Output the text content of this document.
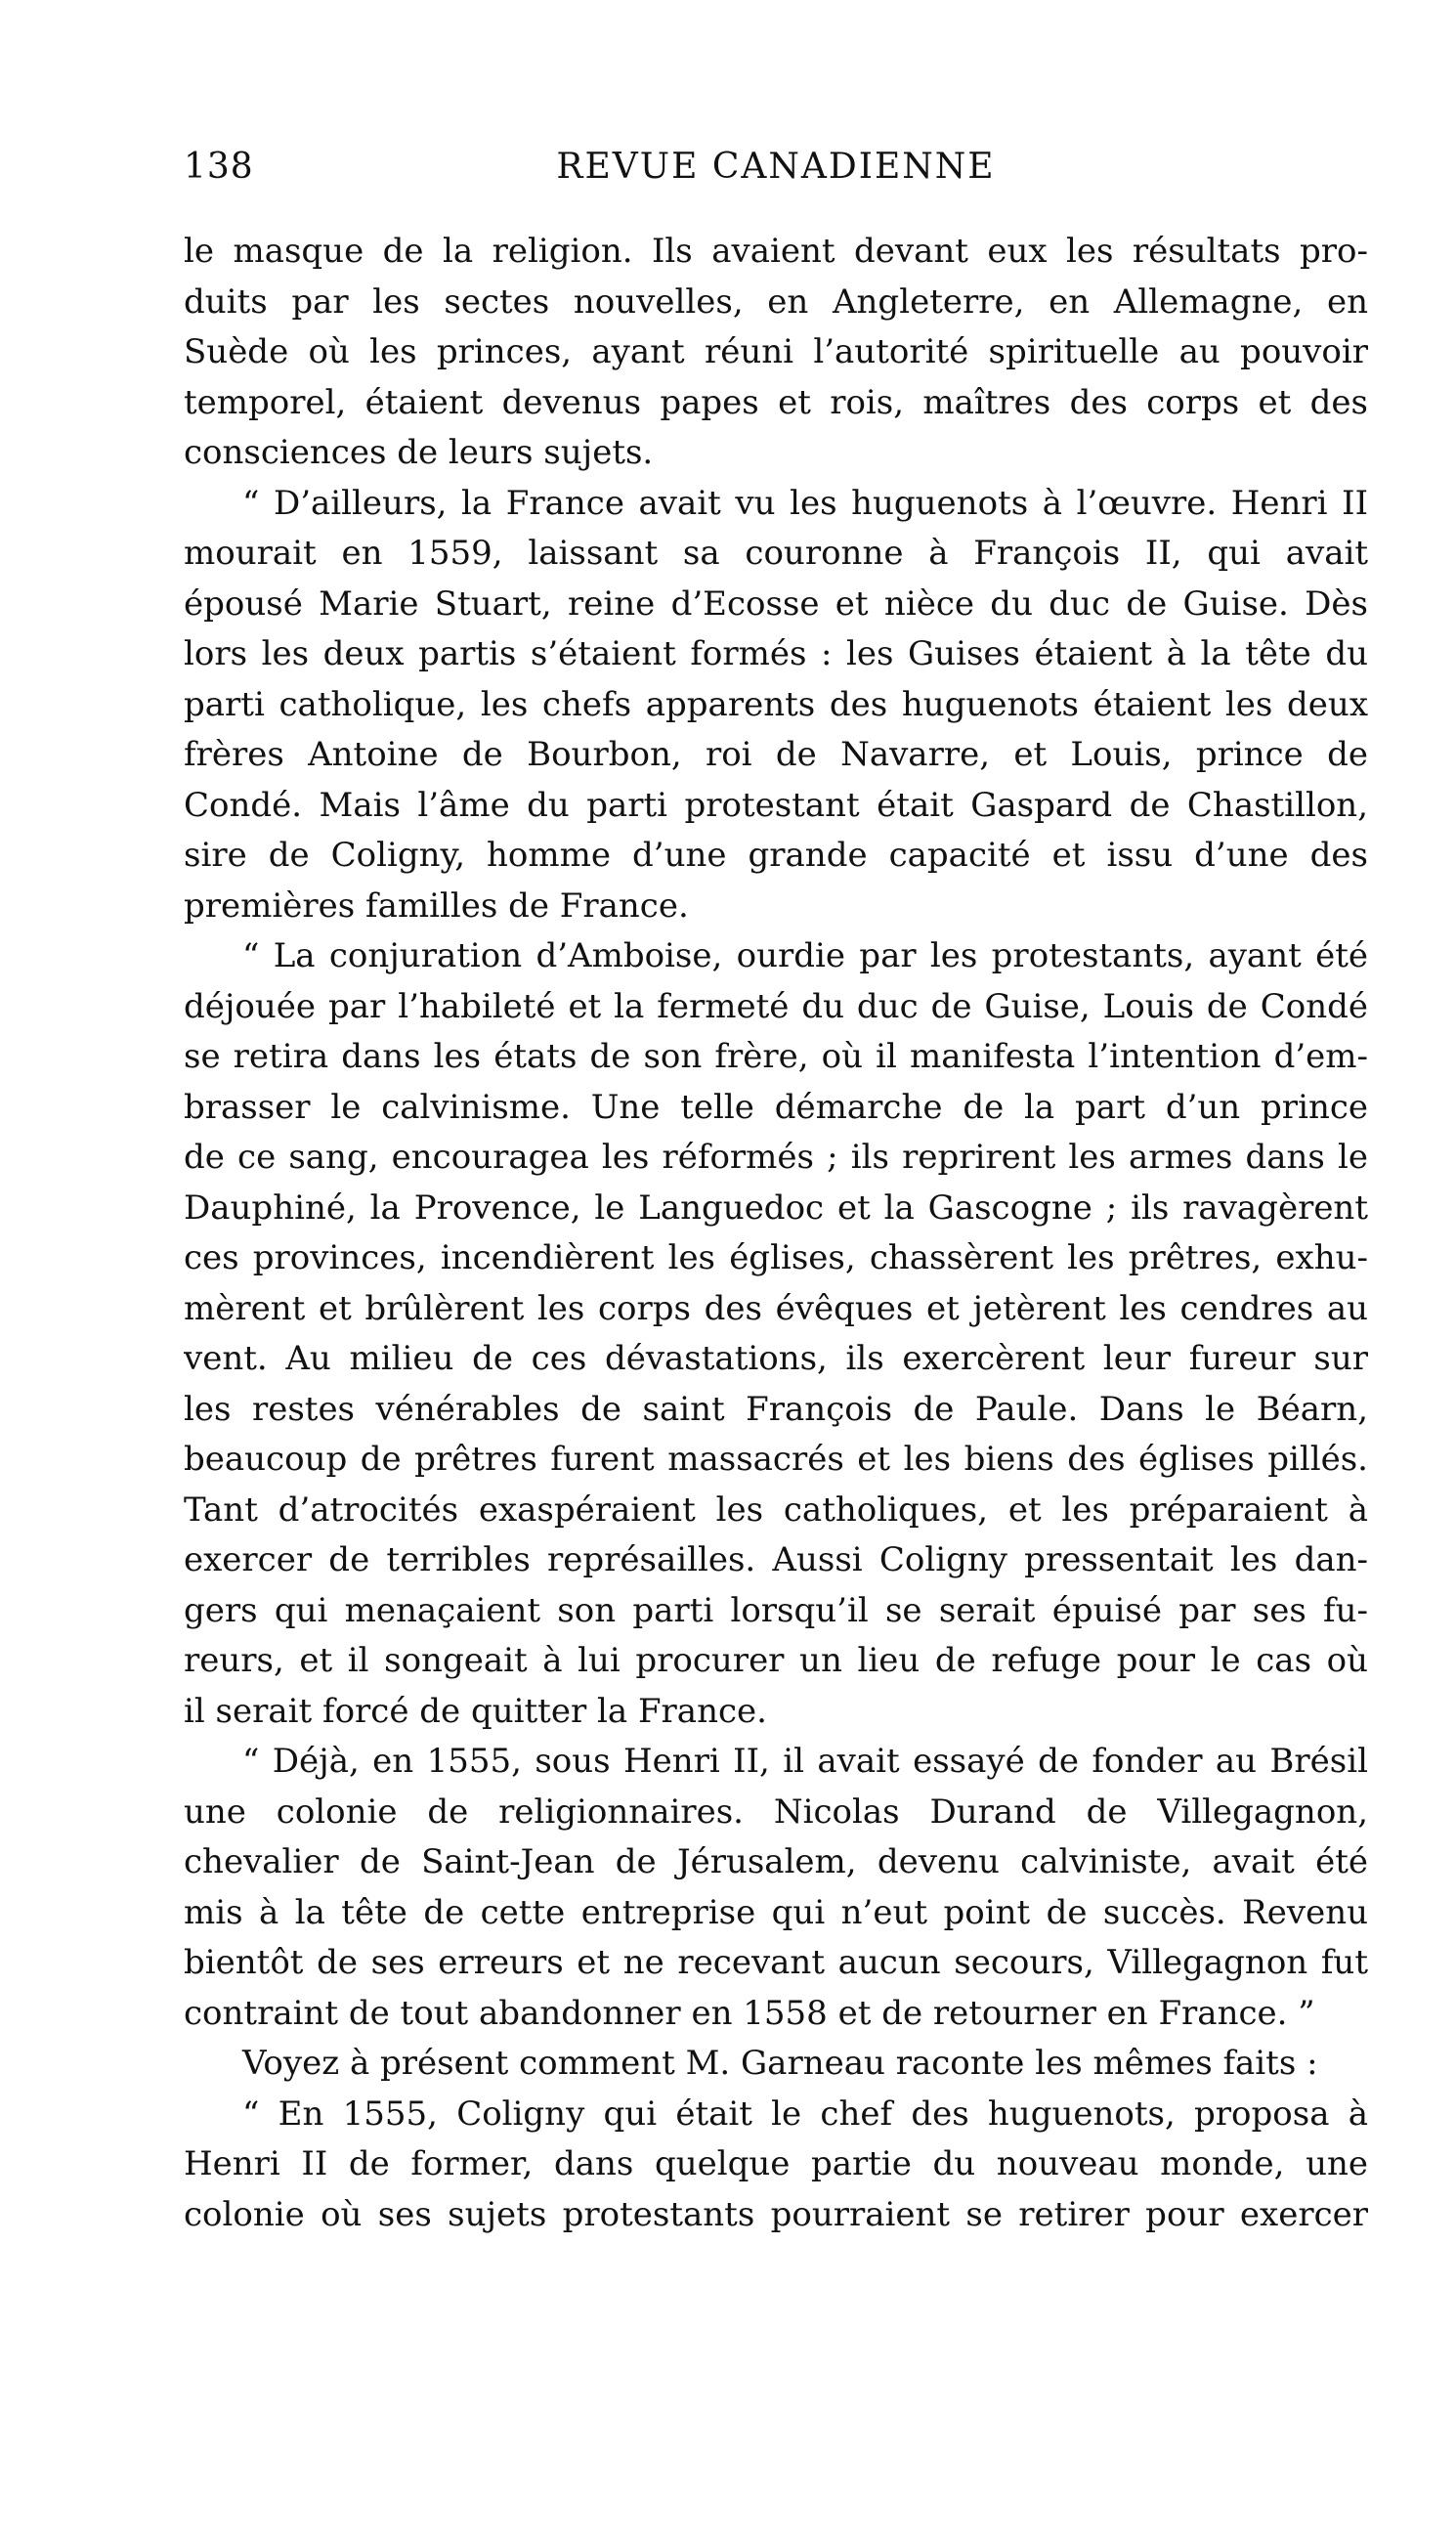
138	REVUE CANADIENNE
le masque de la religion. Ils avaient devant eux les résultats pro-
duits par les sectes nouvelles, en Angleterre, en Allemagne, en
Suède où les princes, ayant réuni l’autorité spirituelle au pouvoir
temporel, étaient devenus papes et rois, maîtres des corps et des
consciences de leurs sujets.
“ D’ailleurs, la France avait vu les huguenots à l’œuvre. Henri II
mourait en 1559, laissant sa couronne à François II, qui avait
épousé Marie Stuart, reine d’Ecosse et nièce du duc de Guise. Dès
lors les deux partis s’étaient formés : les Guises étaient à la tête du
parti catholique, les chefs apparents des huguenots étaient les deux
frères Antoine de Bourbon, roi de Navarre, et Louis, prince de
Condé. Mais l’âme du parti protestant était Gaspard de Chastillon,
sire de Coligny, homme d’une grande capacité et issu d’une des
premières familles de France.
“ La conjuration d’Amboise, ourdie par les protestants, ayant été
déjouée par l’habileté et la fermeté du duc de Guise, Louis de Condé
se retira dans les états de son frère, où il manifesta l’intention d’em-
brasser le calvinisme. Une telle démarche de la part d’un prince
de ce sang, encouragea les réformés ; ils reprirent les armes dans le
Dauphiné, la Provence, le Languedoc et la Gascogne ; ils ravagèrent
ces provinces, incendièrent les églises, chassèrent les prêtres, exhu-
mèrent et brûlèrent les corps des évêques et jetèrent les cendres au
vent. Au milieu de ces dévastations, ils exercèrent leur fureur sur
les restes vénérables de saint François de Paule. Dans le Béarn,
beaucoup de prêtres furent massacrés et les biens des églises pillés.
Tant d’atrocités exaspéraient les catholiques, et les préparaient à
exercer de terribles représailles. Aussi Coligny pressentait les dan-
gers qui menaçaient son parti lorsqu’il se serait épuisé par ses fu-
reurs, et il songeait à lui procurer un lieu de refuge pour le cas où
il serait forcé de quitter la France.
“ Déjà, en 1555, sous Henri II, il avait essayé de fonder au Brésil
une colonie de religionnaires. Nicolas Durand de Villegagnon,
chevalier de Saint-Jean de Jérusalem, devenu calviniste, avait été
mis à la tête de cette entreprise qui n’eut point de succès. Revenu
bientôt de ses erreurs et ne recevant aucun secours, Villegagnon fut
contraint de tout abandonner en 1558 et de retourner en France. ”
Voyez à présent comment M. Garneau raconte les mêmes faits :
“ En 1555, Coligny qui était le chef des huguenots, proposa à
Henri II de former, dans quelque partie du nouveau monde, une
colonie où ses sujets protestants pourraient se retirer pour exercer
